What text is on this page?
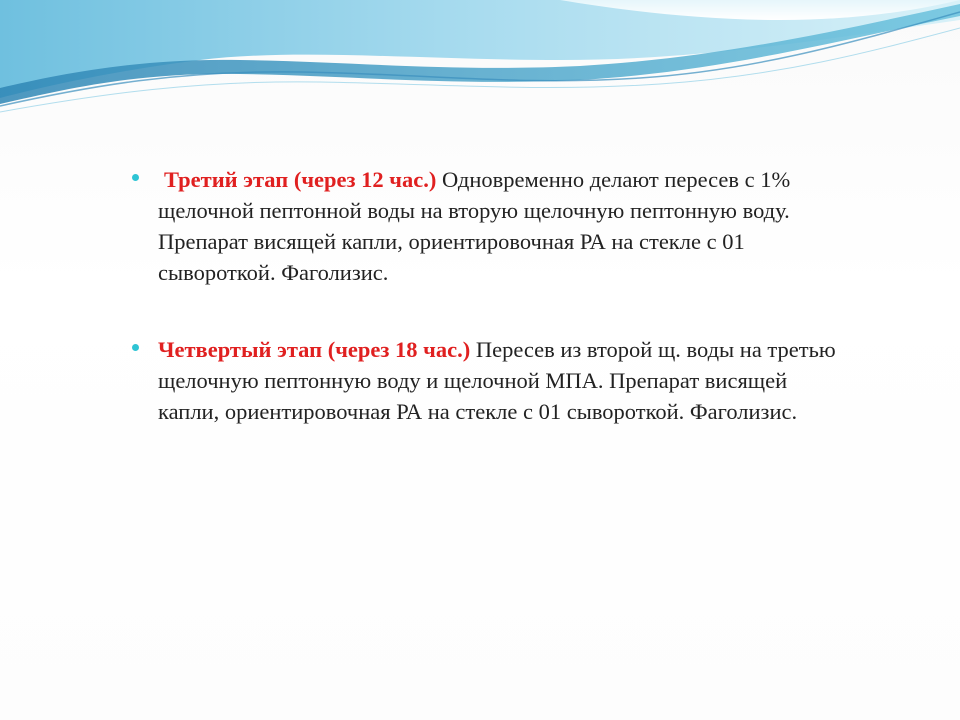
Третий этап (через 12 час.) Одновременно делают пересев с 1% щелочной пептонной воды на вторую щелочную пептонную воду. Препарат висящей капли, ориентировочная РА на стекле с 01 сывороткой. Фаголизис.
Четвертый этап (через 18 час.) Пересев из второй щ. воды на третью щелочную пептонную воду и щелочной МПА. Препарат висящей капли, ориентировочная РА на стекле с 01 сывороткой. Фаголизис.
